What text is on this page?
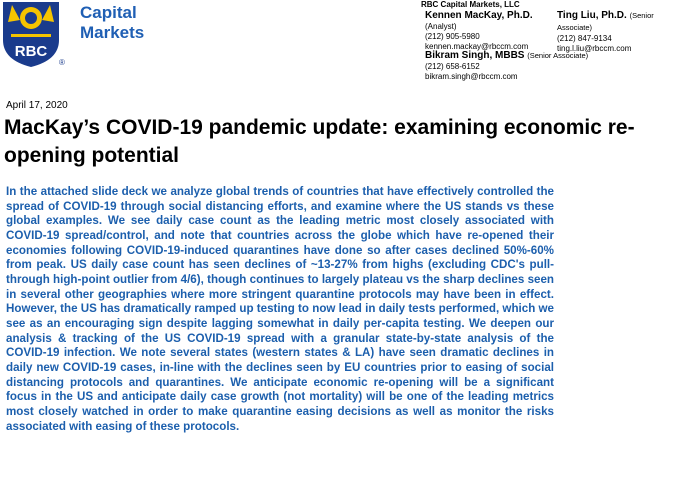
RBC
®
Capital
Markets
RBC Capital Markets, LLC
Kennen MacKay, Ph.D.
(Analyst)
(212) 905-5980
kennen.mackay@rbccm.com
Ting Liu, Ph.D. (Senior Associate)
(212) 847-9134
ting.l.liu@rbccm.com
Bikram Singh, MBBS (Senior Associate)
(212) 658-6152
bikram.singh@rbccm.com
April 17, 2020
MacKay’s COVID-19 pandemic update: examining economic re-opening potential

In the attached slide deck we analyze global trends of countries that have effectively controlled the spread of COVID-19 through social distancing efforts, and examine where the US stands vs these global examples. We see daily case count as the leading metric most closely associated with COVID-19 spread/control, and note that countries across the globe which have re-opened their economies following COVID-19-induced quarantines have done so after cases declined 50%-60% from peak. US daily case count has seen declines of ~13-27% from highs (excluding CDC's pull-through high-point outlier from 4/6), though continues to largely plateau vs the sharp declines seen in several other geographies where more stringent quarantine protocols may have been in effect. However, the US has dramatically ramped up testing to now lead in daily tests performed, which we see as an encouraging sign despite lagging somewhat in daily per-capita testing. We deepen our analysis & tracking of the US COVID-19 spread with a granular state-by-state analysis of the COVID-19 infection. We note several states (western states & LA) have seen dramatic declines in daily new COVID-19 cases, in-line with the declines seen by EU countries prior to easing of social distancing protocols and quarantines. We anticipate economic re-opening will be a significant focus in the US and anticipate daily case growth (not mortality) will be one of the leading metrics most closely watched in order to make quarantine easing decisions as well as monitor the risks associated with easing of these protocols.
